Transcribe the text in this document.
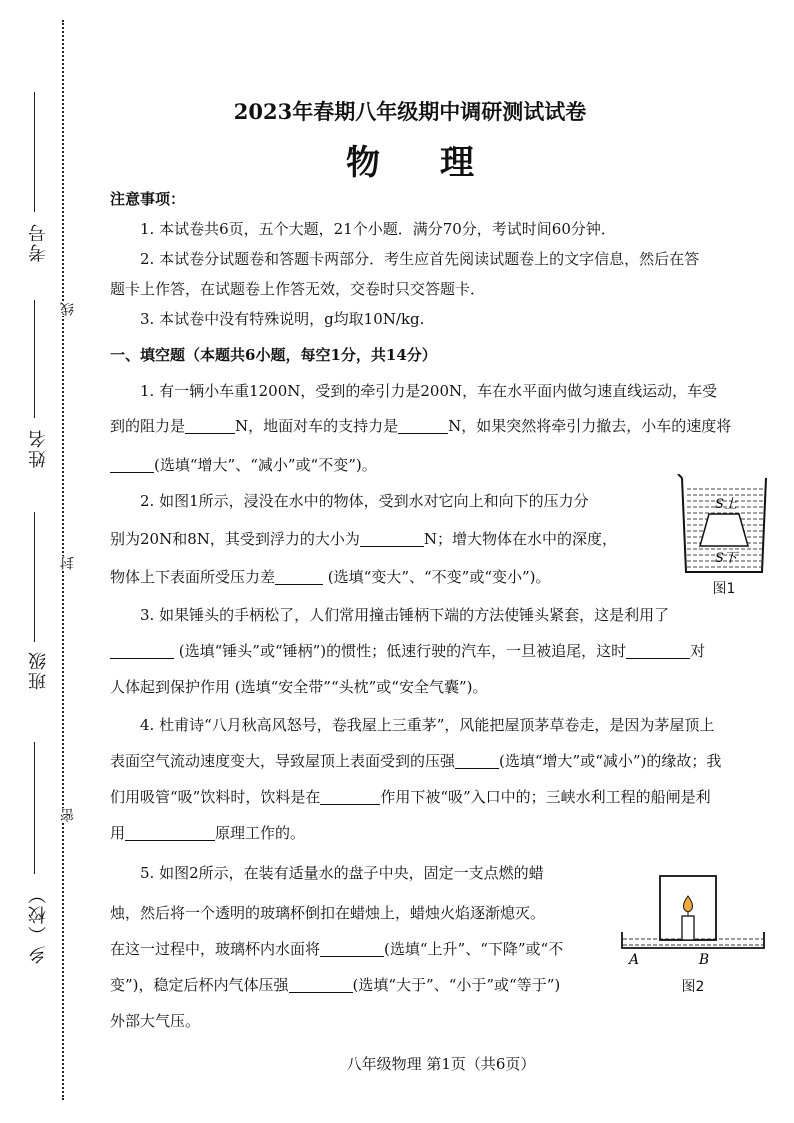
考号
姓名
班级
乡（校）
线
封
密
2023年春期八年级期中调研测试试卷
物理
注意事项：
1. 本试卷共6页，五个大题，21个小题．满分70分，考试时间60分钟．
2. 本试卷分试题卷和答题卡两部分．考生应首先阅读试题卷上的文字信息，然后在答
题卡上作答，在试题卷上作答无效，交卷时只交答题卡．
3. 本试卷中没有特殊说明，g均取10N/kg.
一、填空题（本题共6小题，每空1分，共14分）
1. 有一辆小车重1200N，受到的牵引力是200N，车在水平面内做匀速直线运动，车受
到的阻力是	N，地面对车的支持力是	N，如果突然将牵引力撤去，小车的速度将
(选填“增大”、“减小”或“不变”)。
2. 如图1所示，浸没在水中的物体，受到水对它向上和向下的压力分
别为20N和8N，其受到浮力的大小为	N；增大物体在水中的深度，
物体上下表面所受压力差	(选填“变大”、“不变”或“变小”)。
S上
S下
图1
3. 如果锤头的手柄松了，人们常用撞击锤柄下端的方法使锤头紧套，这是利用了
(选填“锤头”或“锤柄”)的惯性；低速行驶的汽车，一旦被追尾，这时	对
人体起到保护作用 (选填“安全带”“头枕”或“安全气囊”)。
4. 杜甫诗“八月秋高风怒号，卷我屋上三重茅”，风能把屋顶茅草卷走，是因为茅屋顶上
表面空气流动速度变大，导致屋顶上表面受到的压强	(选填“增大”或“减小”)的缘故；我
们用吸管“吸”饮料时，饮料是在	作用下被“吸”入口中的；三峡水利工程的船闸是利
用	原理工作的。
5. 如图2所示，在装有适量水的盘子中央，固定一支点燃的蜡
烛，然后将一个透明的玻璃杯倒扣在蜡烛上，蜡烛火焰逐渐熄灭。
在这一过程中，玻璃杯内水面将	(选填“上升”、“下降”或“不
变”)，稳定后杯内气体压强	(选填“大于”、“小于”或“等于”)
外部大气压。
A	B
图2
八年级物理 第1页（共6页）
